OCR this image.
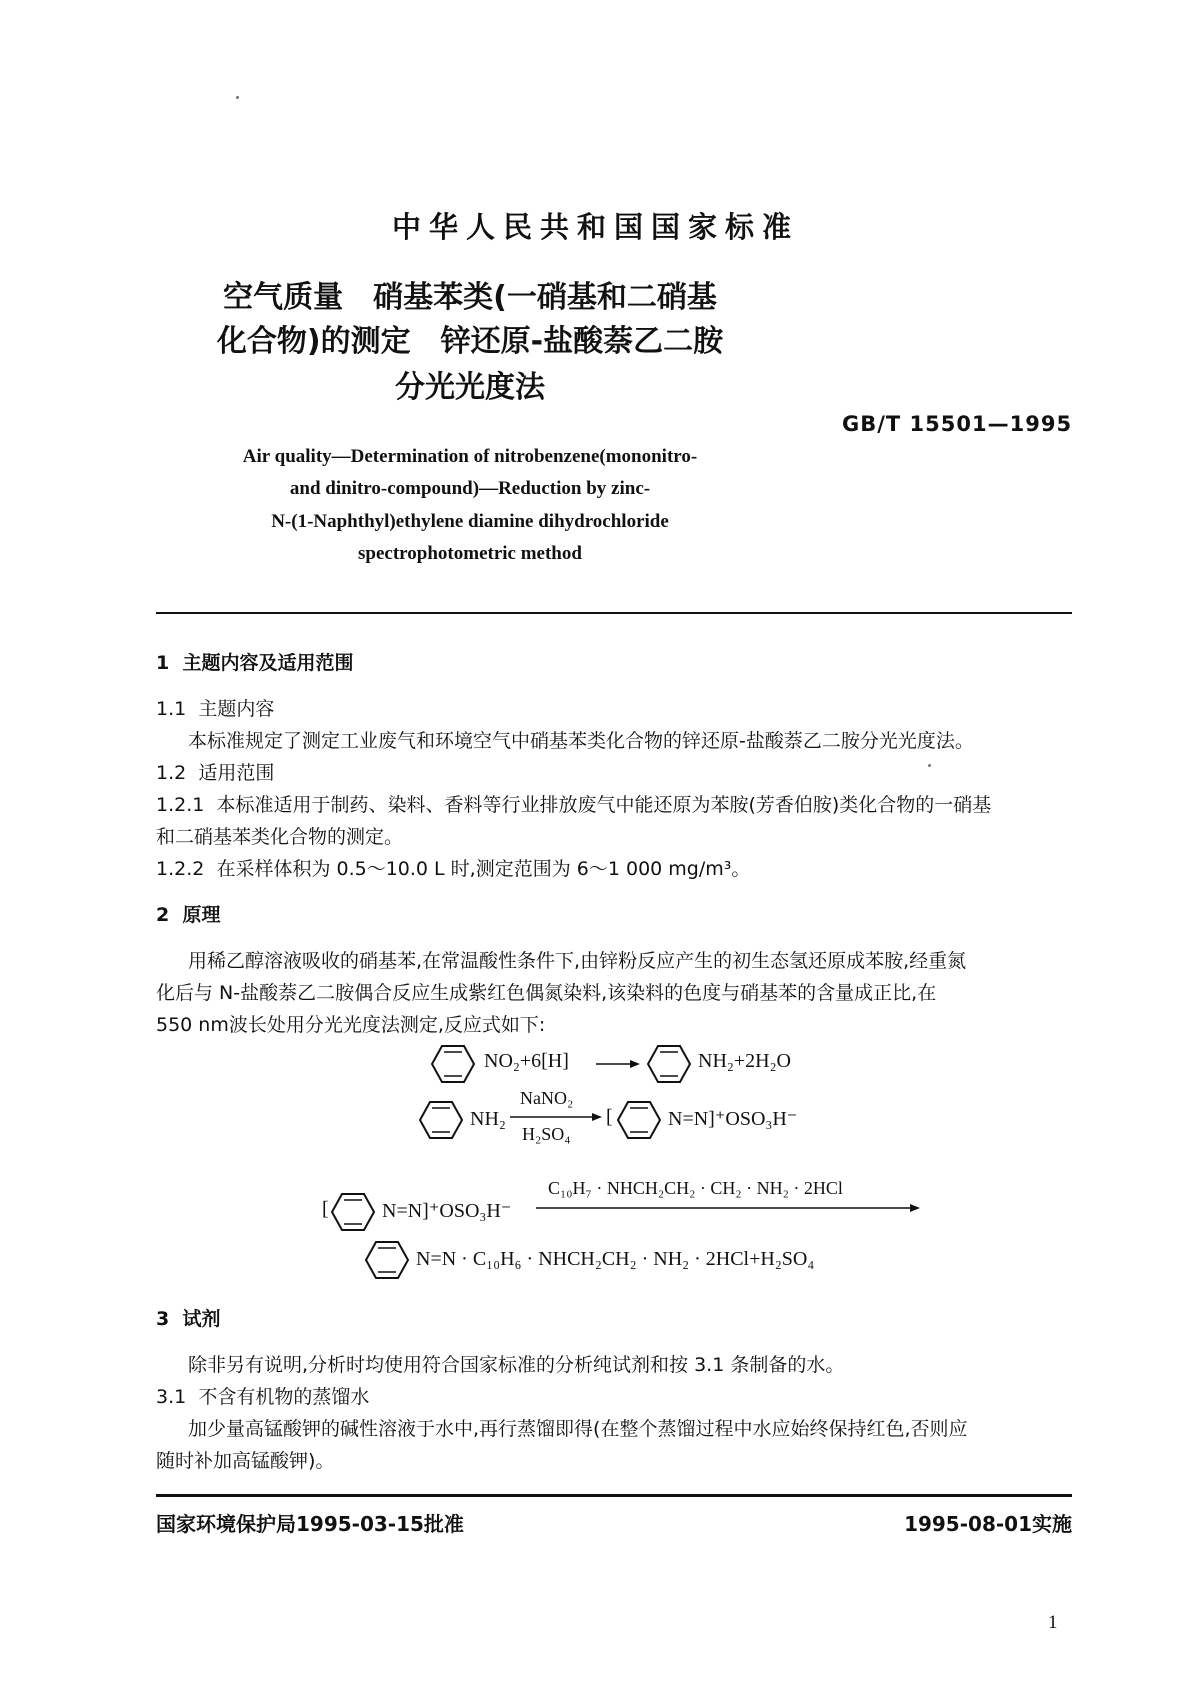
中华人民共和国国家标准
空气质量　硝基苯类(一硝基和二硝基
化合物)的测定　锌还原-盐酸萘乙二胺
分光光度法
GB/T 15501—1995
Air quality—Determination of nitrobenzene(mononitro-
and dinitro-compound)—Reduction by zinc-
N-(1-Naphthyl)ethylene diamine dihydrochloride
spectrophotometric method
1 主题内容及适用范围
1.1 主题内容
本标准规定了测定工业废气和环境空气中硝基苯类化合物的锌还原-盐酸萘乙二胺分光光度法。
1.2 适用范围
1.2.1 本标准适用于制药、染料、香料等行业排放废气中能还原为苯胺(芳香伯胺)类化合物的一硝基
和二硝基苯类化合物的测定。
1.2.2 在采样体积为 0.5～10.0 L 时,测定范围为 6～1 000 mg/m³。
2 原理
用稀乙醇溶液吸收的硝基苯,在常温酸性条件下,由锌粉反应产生的初生态氢还原成苯胺,经重氮
化后与 N-盐酸萘乙二胺偶合反应生成紫红色偶氮染料,该染料的色度与硝基苯的含量成正比,在
550 nm波长处用分光光度法测定,反应式如下:
NO₂+6[H]	NH₂+2H₂O
NH₂
NaNO₂
H₂SO₄
[	N=N]⁺OSO₃H⁻
[	N=N]⁺OSO₃H⁻
C₁₀H₇ · NHCH₂CH₂ · CH₂ · NH₂ · 2HCl
N=N · C₁₀H₆ · NHCH₂CH₂ · NH₂ · 2HCl+H₂SO₄
3 试剂
除非另有说明,分析时均使用符合国家标准的分析纯试剂和按 3.1 条制备的水。
3.1 不含有机物的蒸馏水
加少量高锰酸钾的碱性溶液于水中,再行蒸馏即得(在整个蒸馏过程中水应始终保持红色,否则应
随时补加高锰酸钾)。
国家环境保护局1995-03-15批准	1995-08-01实施
1
